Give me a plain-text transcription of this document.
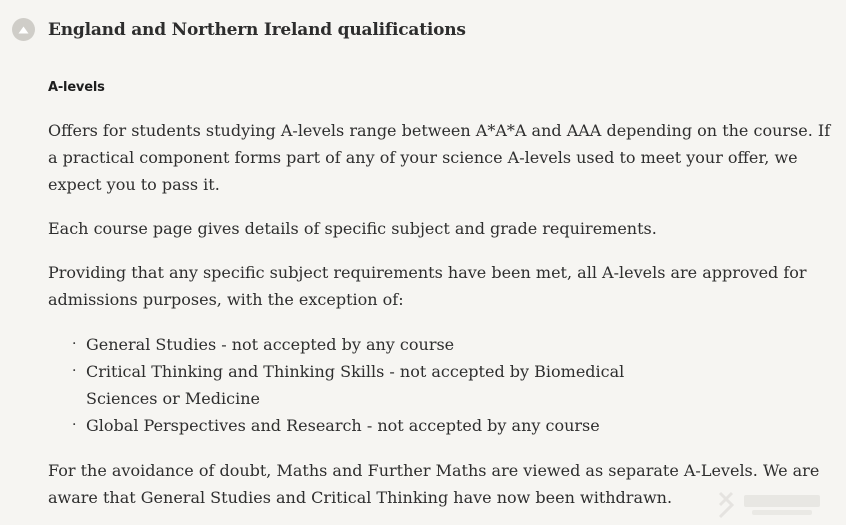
England and Northern Ireland qualifications
A-levels

Offers for students studying A-levels range between A*A*A and AAA depending on the course. If a practical component forms part of any of your science A-levels used to meet your offer, we expect you to pass it.

Each course page gives details of specific subject and grade requirements.

Providing that any specific subject requirements have been met, all A-levels are approved for admissions purposes, with the exception of:

· General Studies - not accepted by any course
· Critical Thinking and Thinking Skills - not accepted by Biomedical Sciences or Medicine
· Global Perspectives and Research - not accepted by any course

For the avoidance of doubt, Maths and Further Maths are viewed as separate A-Levels. We are aware that General Studies and Critical Thinking have now been withdrawn.
